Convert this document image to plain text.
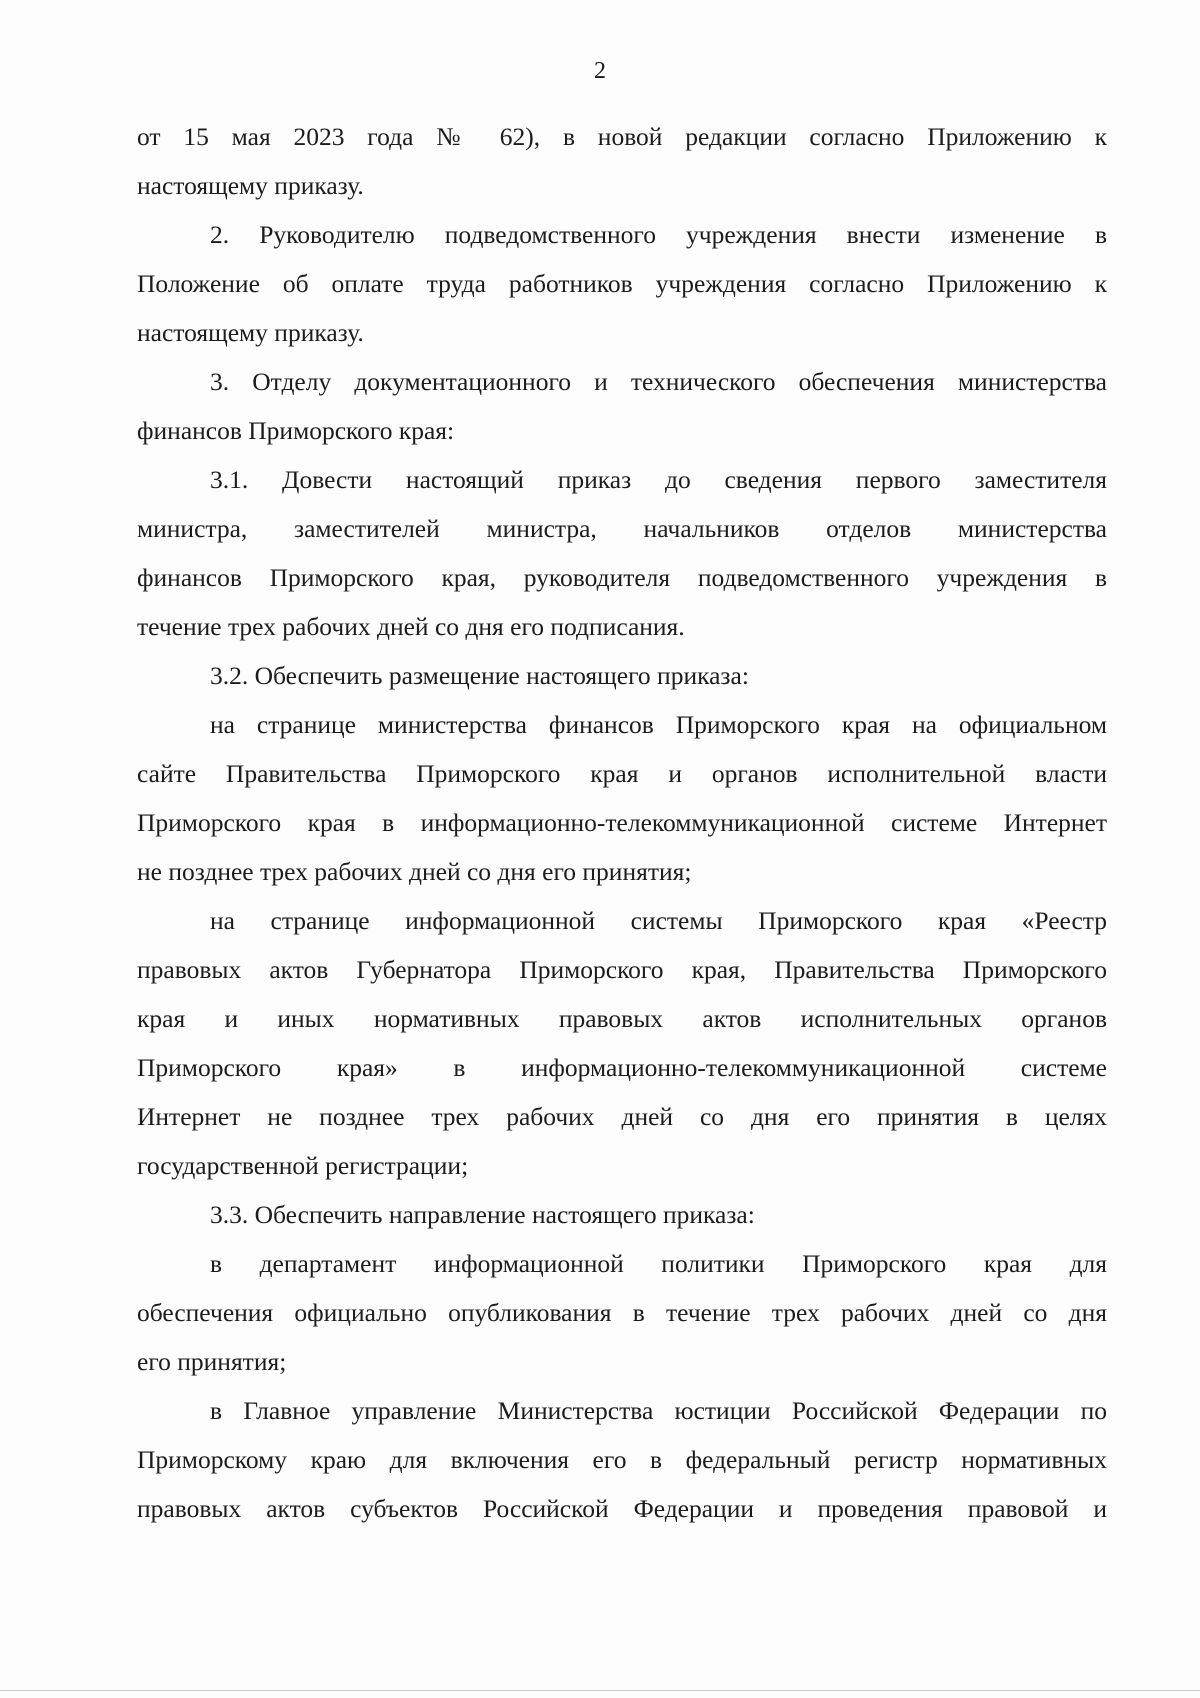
2
от 15 мая 2023 года № 62), в новой редакции согласно Приложению к
настоящему приказу.
2. Руководителю подведомственного учреждения внести изменение в
Положение об оплате труда работников учреждения согласно Приложению к
настоящему приказу.
3. Отделу документационного и технического обеспечения министерства
финансов Приморского края:
3.1. Довести настоящий приказ до сведения первого заместителя
министра, заместителей министра, начальников отделов министерства
финансов Приморского края, руководителя подведомственного учреждения в
течение трех рабочих дней со дня его подписания.
3.2. Обеспечить размещение настоящего приказа:
на странице министерства финансов Приморского края на официальном
сайте Правительства Приморского края и органов исполнительной власти
Приморского края в информационно-телекоммуникационной системе Интернет
не позднее трех рабочих дней со дня его принятия;
на странице информационной системы Приморского края «Реестр
правовых актов Губернатора Приморского края, Правительства Приморского
края и иных нормативных правовых актов исполнительных органов
Приморского края» в информационно-телекоммуникационной системе
Интернет не позднее трех рабочих дней со дня его принятия в целях
государственной регистрации;
3.3. Обеспечить направление настоящего приказа:
в департамент информационной политики Приморского края для
обеспечения официально опубликования в течение трех рабочих дней со дня
его принятия;
в Главное управление Министерства юстиции Российской Федерации по
Приморскому краю для включения его в федеральный регистр нормативных
правовых актов субъектов Российской Федерации и проведения правовой и
